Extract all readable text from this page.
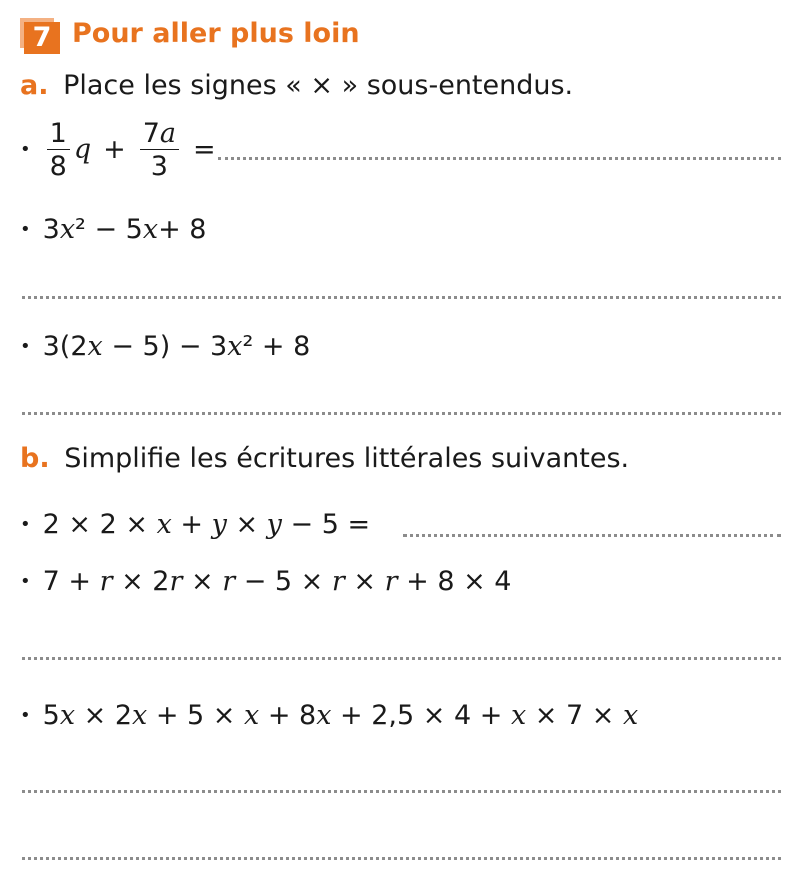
7 Pour aller plus loin
a. Place les signes « × » sous-entendus.
• $\frac{1}{8}$ $q + \frac{7a}{3}$ =
• 3x² − 5x+ 8
• 3(2x − 5) − 3x² + 8
b. Simplifie les écritures littérales suivantes.
• 2 × 2 × x + y × y − 5 =
• 7 + r × 2r × r − 5 × r × r + 8 × 4
• 5x × 2x + 5 × x + 8x + 2,5 × 4 + x × 7 × x
